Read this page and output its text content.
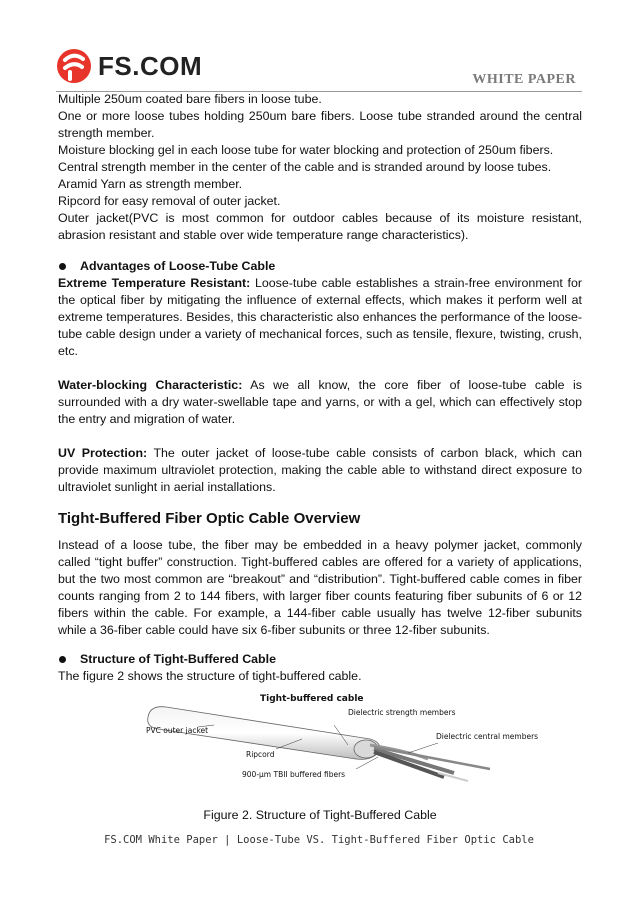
FS.COM	WHITE PAPER

Multiple 250um coated bare fibers in loose tube.

One or more loose tubes holding 250um bare fibers. Loose tube stranded around the central strength member.

Moisture blocking gel in each loose tube for water blocking and protection of 250um fibers.

Central strength member in the center of the cable and is stranded around by loose tubes.

Aramid Yarn as strength member.

Ripcord for easy removal of outer jacket.

Outer jacket(PVC is most common for outdoor cables because of its moisture resistant, abrasion resistant and stable over wide temperature range characteristics).

Advantages of Loose-Tube Cable

Extreme Temperature Resistant: Loose-tube cable establishes a strain-free environment for the optical fiber by mitigating the influence of external effects, which makes it perform well at extreme temperatures. Besides, this characteristic also enhances the performance of the loose-tube cable design under a variety of mechanical forces, such as tensile, flexure, twisting, crush, etc.

Water-blocking Characteristic: As we all know, the core fiber of loose-tube cable is surrounded with a dry water-swellable tape and yarns, or with a gel, which can effectively stop the entry and migration of water.

UV Protection: The outer jacket of loose-tube cable consists of carbon black, which can provide maximum ultraviolet protection, making the cable able to withstand direct exposure to ultraviolet sunlight in aerial installations.

Tight-Buffered Fiber Optic Cable Overview

Instead of a loose tube, the fiber may be embedded in a heavy polymer jacket, commonly called “tight buffer” construction. Tight-buffered cables are offered for a variety of applications, but the two most common are “breakout” and “distribution”. Tight-buffered cable comes in fiber counts ranging from 2 to 144 fibers, with larger fiber counts featuring fiber subunits of 6 or 12 fibers within the cable. For example, a 144-fiber cable usually has twelve 12-fiber subunits while a 36-fiber cable could have six 6-fiber subunits or three 12-fiber subunits.

Structure of Tight-Buffered Cable

The figure 2 shows the structure of tight-buffered cable.

Tight-buffered cable
Dielectric strength members
PVC outer jacket
Dielectric central members
Ripcord
900-μm TBII buffered fibers
Figure 2. Structure of Tight-Buffered Cable
FS.COM White Paper | Loose-Tube VS. Tight-Buffered Fiber Optic Cable
